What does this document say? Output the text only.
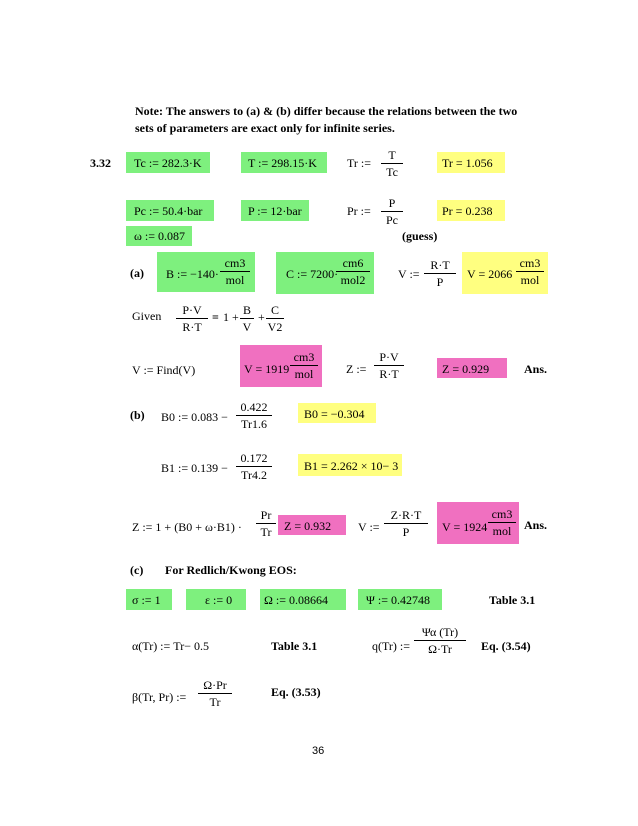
Note: The answers to (a) & (b) differ because the relations between the two
sets of parameters are exact only for infinite series.
3.32 Tc := 282.3·K	T := 298.15·K	Tr :=
T
Tc
Tr = 1.056
Pc := 50.4·bar	P := 12·bar	Pr :=
P
Pc
Pr = 0.238
ω := 0.087	(guess)
(a) B := −140·
cm3
mol	C := 7200·
cm6
mol2	V :=
R·T
P
V = 2066
cm3
mol
Given	P·V
R·T
= 1 + B
V
+ C
V2
V := Find(V)	V = 1919
cm3
mol	Z :=
P·V
R·T	Z = 0.929	Ans.
(b) B0 := 0.083 −
0.422
Tr1.6
B0 = −0.304
B1 := 0.139 −
0.172
Tr4.2
B1 = 2.262 × 10− 3
Z := 1 + (B0 + ω·B1) ·
Pr
Tr	Z = 0.932 V :=
Z·R·T
P	V = 1924
cm3
mol	Ans.
(c) For Redlich/Kwong EOS:
σ := 1	ε := 0	Ω := 0.08664	Ψ := 0.42748	Table 3.1
α(Tr) := Tr− 0.5	Table 3.1	q(Tr) :=
Ψα (Tr)
Ω·Tr	Eq. (3.54)
β(Tr, Pr) :=
Ω·Pr
Tr
Eq. (3.53)
36
